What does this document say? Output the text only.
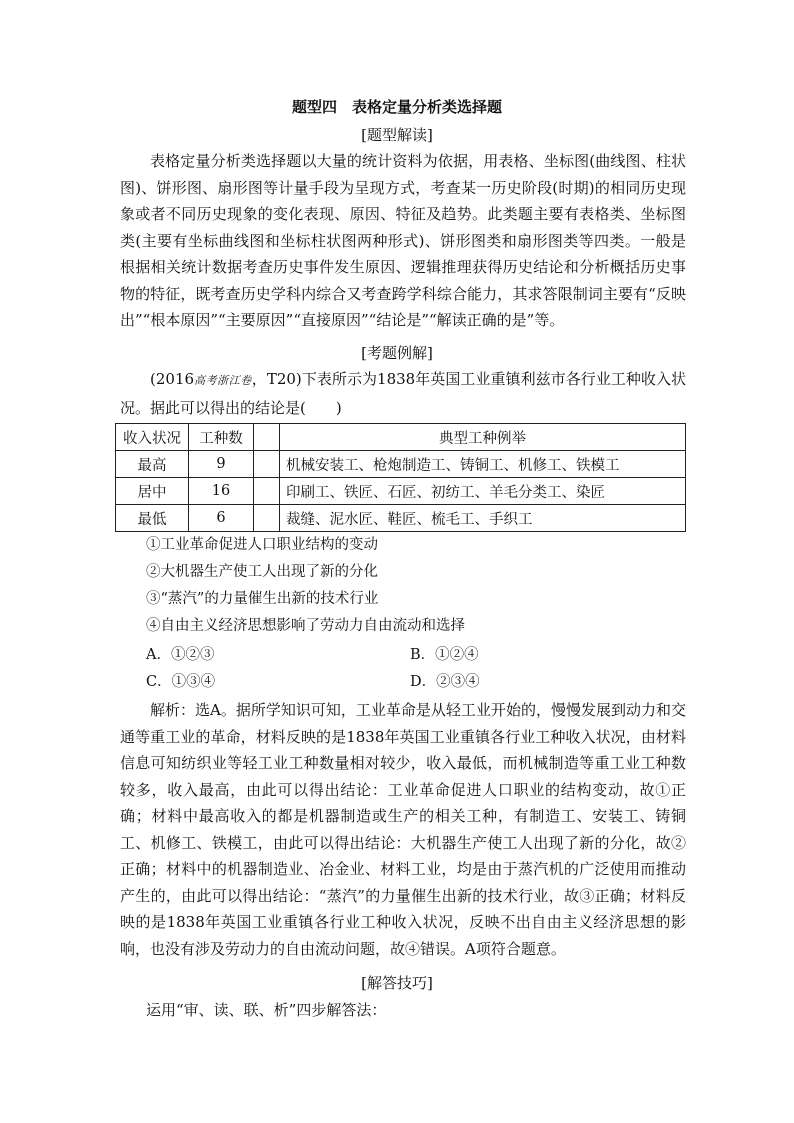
题型四　表格定量分析类选择题
[题型解读]

表格定量分析类选择题以大量的统计资料为依据，用表格、坐标图(曲线图、柱状图)、饼形图、扇形图等计量手段为呈现方式，考查某一历史阶段(时期)的相同历史现象或者不同历史现象的变化表现、原因、特征及趋势。此类题主要有表格类、坐标图类(主要有坐标曲线图和坐标柱状图两种形式)、饼形图类和扇形图类等四类。一般是根据相关统计数据考查历史事件发生原因、逻辑推理获得历史结论和分析概括历史事物的特征，既考查历史学科内综合又考查跨学科综合能力，其求答限制词主要有“反映出”“根本原因”“主要原因”“直接原因”“结论是”“解读正确的是”等。

[考题例解]

(2016高考浙江卷，T20)下表所示为1838年英国工业重镇利兹市各行业工种收入状况。据此可以得出的结论是(　　)

收入状况	工种数		典型工种例举
最高	9		机械安装工、枪炮制造工、铸铜工、机修工、铁模工
居中	16		印刷工、铁匠、石匠、初纺工、羊毛分类工、染匠
最低	6		裁缝、泥水匠、鞋匠、梳毛工、手织工
①工业革命促进人口职业结构的变动
②大机器生产使工人出现了新的分化
③“蒸汽”的力量催生出新的技术行业
④自由主义经济思想影响了劳动力自由流动和选择
A．①②③	B．①②④
C．①③④	D．②③④

解析：选A。据所学知识可知，工业革命是从轻工业开始的，慢慢发展到动力和交通等重工业的革命，材料反映的是1838年英国工业重镇各行业工种收入状况，由材料信息可知纺织业等轻工业工种数量相对较少，收入最低，而机械制造等重工业工种数较多，收入最高，由此可以得出结论：工业革命促进人口职业的结构变动，故①正确；材料中最高收入的都是机器制造或生产的相关工种，有制造工、安装工、铸铜工、机修工、铁模工，由此可以得出结论：大机器生产使工人出现了新的分化，故②正确；材料中的机器制造业、冶金业、材料工业，均是由于蒸汽机的广泛使用而推动产生的，由此可以得出结论：“蒸汽”的力量催生出新的技术行业，故③正确；材料反映的是1838年英国工业重镇各行业工种收入状况，反映不出自由主义经济思想的影响，也没有涉及劳动力的自由流动问题，故④错误。A项符合题意。

[解答技巧]
运用“审、读、联、析”四步解答法：
